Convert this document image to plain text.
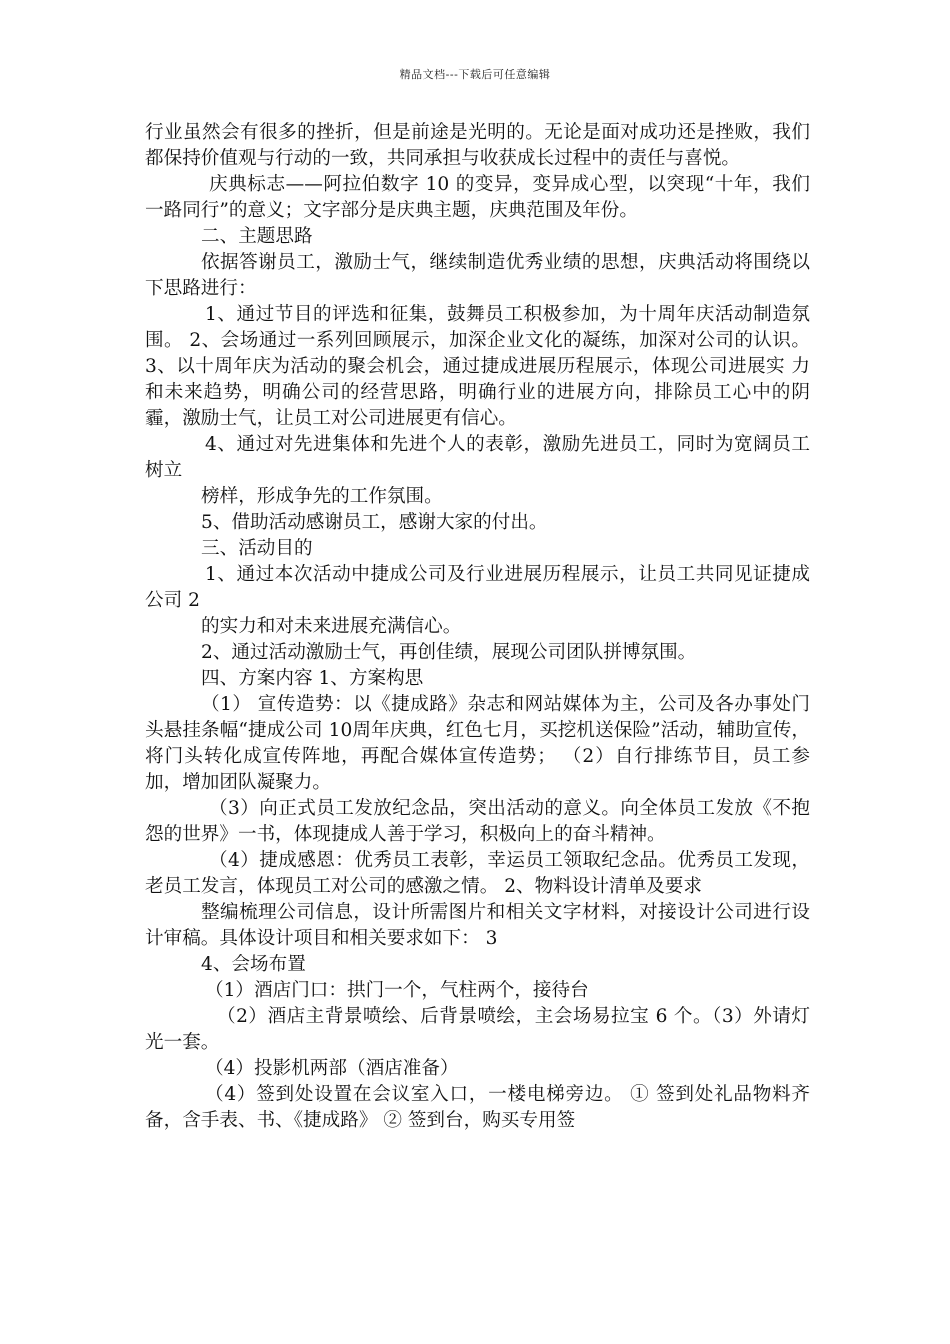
精品文档---下载后可任意编辑

行业虽然会有很多的挫折，但是前途是光明的。无论是面对成功还是挫败，我们都保持价值观与行动的一致，共同承担与收获成长过程中的责任与喜悦。

庆典标志——阿拉伯数字 10 的变异，变异成心型，以突现“十年，我们一路同行”的意义；文字部分是庆典主题，庆典范围及年份。

二、主题思路

依据答谢员工，激励士气，继续制造优秀业绩的思想，庆典活动将围绕以下思路进行：

1、通过节目的评选和征集，鼓舞员工积极参加，为十周年庆活动制造氛围。 2、会场通过一系列回顾展示，加深企业文化的凝练，加深对公司的认识。 3、以十周年庆为活动的聚会机会，通过捷成进展历程展示，体现公司进展实 力和未来趋势，明确公司的经营思路，明确行业的进展方向，排除员工心中的阴霾，激励士气，让员工对公司进展更有信心。

4、通过对先进集体和先进个人的表彰，激励先进员工，同时为宽阔员工树立

榜样，形成争先的工作氛围。

5、借助活动感谢员工，感谢大家的付出。

三、活动目的

1、通过本次活动中捷成公司及行业进展历程展示，让员工共同见证捷成公司 2

的实力和对未来进展充满信心。

2、通过活动激励士气，再创佳绩，展现公司团队拼博氛围。

四、方案内容 1、方案构思

（1） 宣传造势：以《捷成路》杂志和网站媒体为主，公司及各办事处门头悬挂条幅“捷成公司 10周年庆典，红色七月，买挖机送保险”活动，辅助宣传，将门头转化成宣传阵地，再配合媒体宣传造势； （2）自行排练节目，员工参加，增加团队凝聚力。

（3）向正式员工发放纪念品，突出活动的意义。向全体员工发放《不抱怨的世界》一书，体现捷成人善于学习，积极向上的奋斗精神。

（4）捷成感恩：优秀员工表彰，幸运员工领取纪念品。优秀员工发现，老员工发言，体现员工对公司的感激之情。 2、物料设计清单及要求

整编梳理公司信息，设计所需图片和相关文字材料，对接设计公司进行设计审稿。具体设计项目和相关要求如下： 3

4、会场布置

（1）酒店门口：拱门一个，气柱两个，接待台

（2）酒店主背景喷绘、后背景喷绘，主会场易拉宝 6 个。（3）外请灯光一套。

（4）投影机两部（酒店准备）

（4）签到处设置在会议室入口，一楼电梯旁边。 ① 签到处礼品物料齐备，含手表、书、《捷成路》 ② 签到台，购买专用签
